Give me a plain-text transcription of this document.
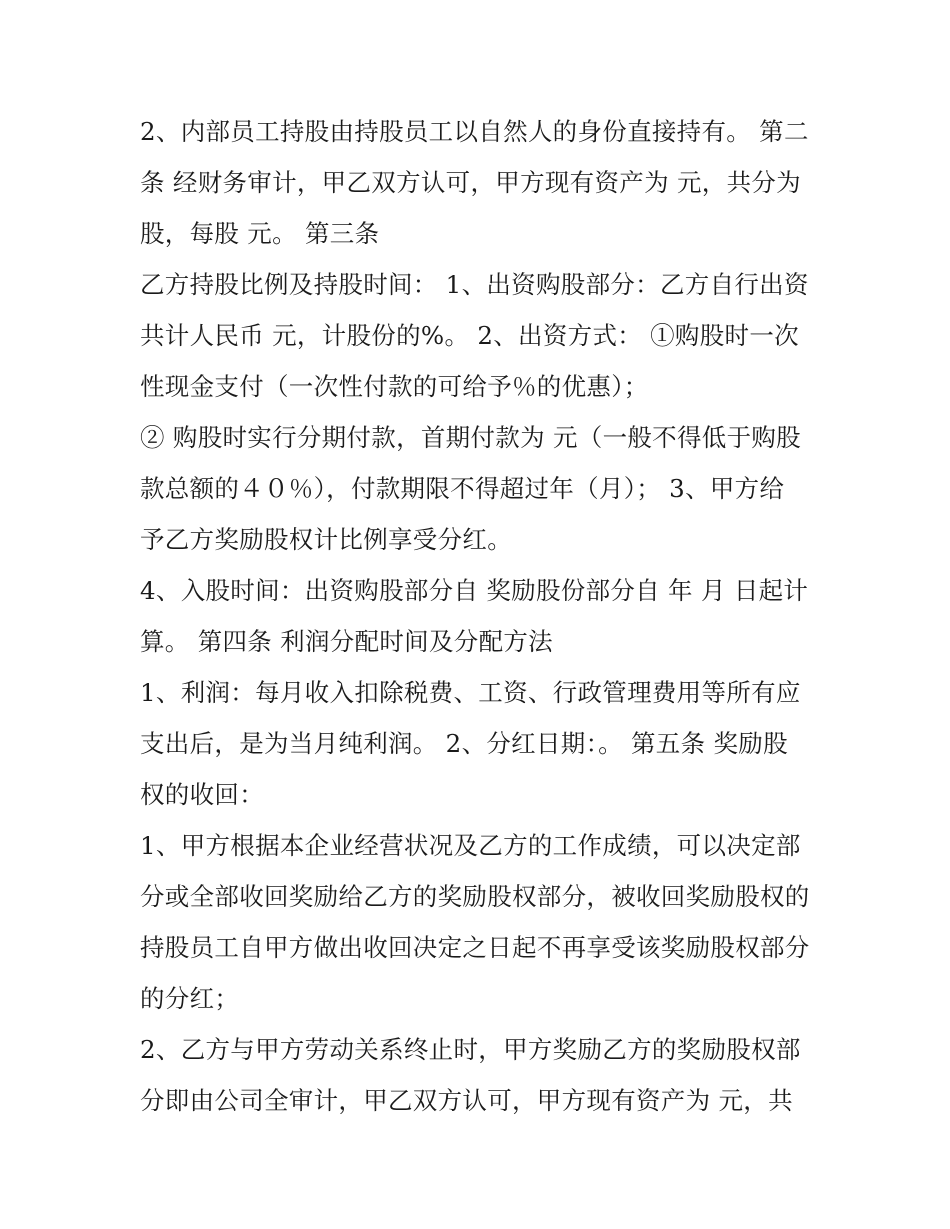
2、内部员工持股由持股员工以自然人的身份直接持有。 第二
条 经财务审计，甲乙双方认可，甲方现有资产为 元，共分为
股，每股 元。 第三条
乙方持股比例及持股时间： 1、出资购股部分：乙方自行出资
共计人民币 元，计股份的%。 2、出资方式： ①购股时一次
性现金支付（一次性付款的可给予％的优惠）；
② 购股时实行分期付款，首期付款为 元（一般不得低于购股
款总额的４０％），付款期限不得超过年（月）； 3、甲方给
予乙方奖励股权计比例享受分红。
4、入股时间：出资购股部分自 奖励股份部分自 年 月 日起计
算。 第四条 利润分配时间及分配方法
1、利润：每月收入扣除税费、工资、行政管理费用等所有应
支出后，是为当月纯利润。 2、分红日期：。 第五条 奖励股
权的收回：
1、甲方根据本企业经营状况及乙方的工作成绩，可以决定部
分或全部收回奖励给乙方的奖励股权部分，被收回奖励股权的
持股员工自甲方做出收回决定之日起不再享受该奖励股权部分
的分红；
2、乙方与甲方劳动关系终止时，甲方奖励乙方的奖励股权部
分即由公司全审计，甲乙双方认可，甲方现有资产为 元，共
